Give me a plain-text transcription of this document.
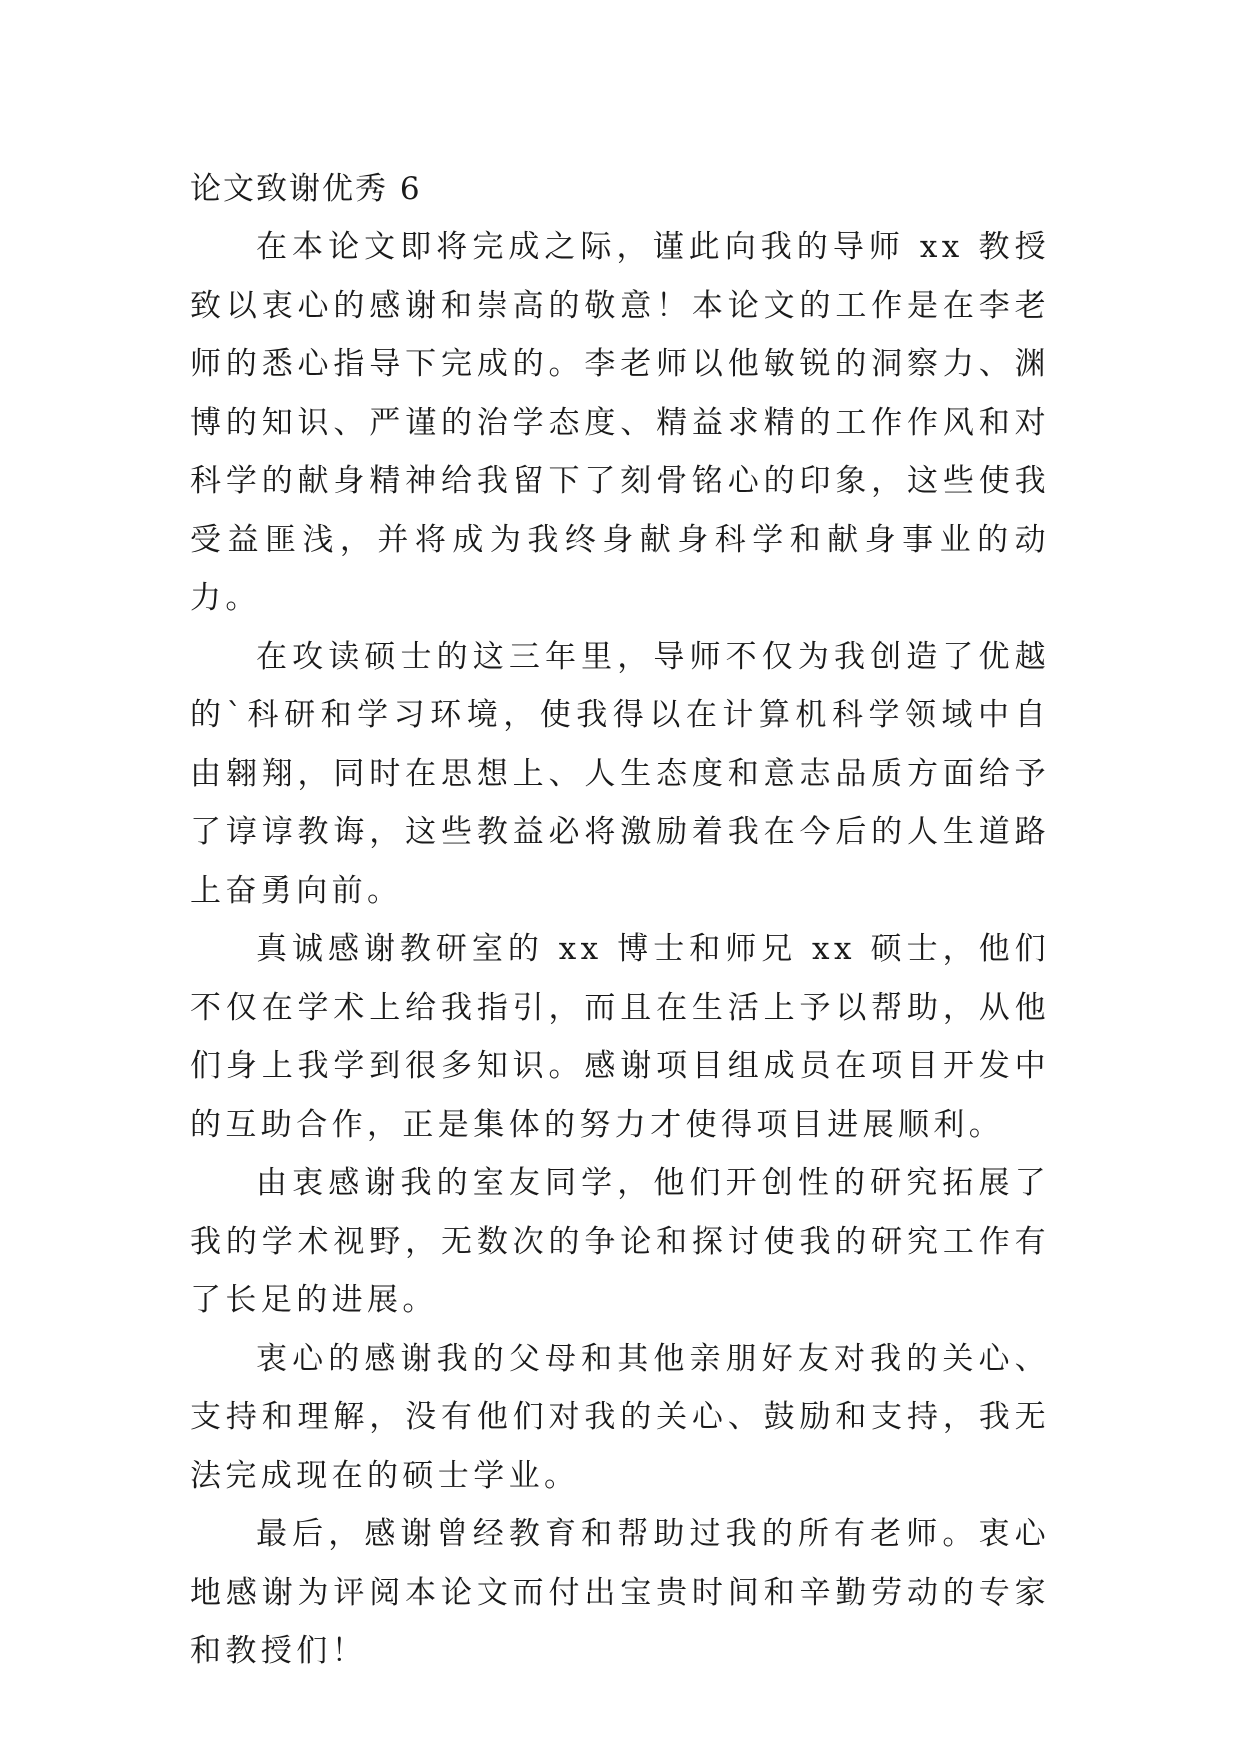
论文致谢优秀 6

在本论文即将完成之际，谨此向我的导师 xx 教授致以衷心的感谢和崇高的敬意！本论文的工作是在李老师的悉心指导下完成的。李老师以他敏锐的洞察力、渊博的知识、严谨的治学态度、精益求精的工作作风和对科学的献身精神给我留下了刻骨铭心的印象，这些使我受益匪浅，并将成为我终身献身科学和献身事业的动力。

在攻读硕士的这三年里，导师不仅为我创造了优越的`科研和学习环境，使我得以在计算机科学领域中自由翱翔，同时在思想上、人生态度和意志品质方面给予了谆谆教诲，这些教益必将激励着我在今后的人生道路上奋勇向前。

真诚感谢教研室的 xx 博士和师兄 xx 硕士，他们不仅在学术上给我指引，而且在生活上予以帮助，从他们身上我学到很多知识。感谢项目组成员在项目开发中的互助合作，正是集体的努力才使得项目进展顺利。

由衷感谢我的室友同学，他们开创性的研究拓展了我的学术视野，无数次的争论和探讨使我的研究工作有了长足的进展。

衷心的感谢我的父母和其他亲朋好友对我的关心、支持和理解，没有他们对我的关心、鼓励和支持，我无法完成现在的硕士学业。

最后，感谢曾经教育和帮助过我的所有老师。衷心地感谢为评阅本论文而付出宝贵时间和辛勤劳动的专家和教授们！
